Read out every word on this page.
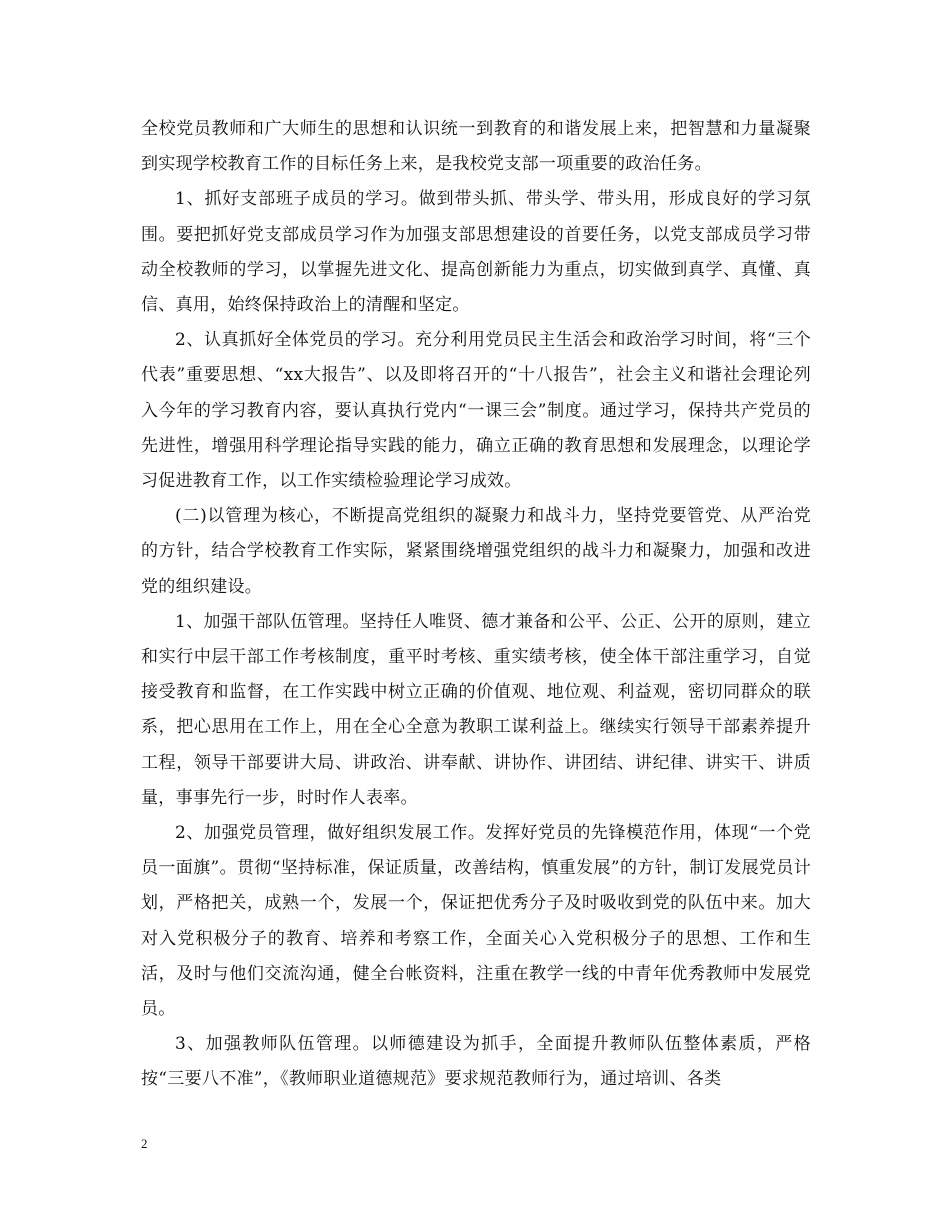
全校党员教师和广大师生的思想和认识统一到教育的和谐发展上来，把智慧和力量凝聚到实现学校教育工作的目标任务上来，是我校党支部一项重要的政治任务。

1、抓好支部班子成员的学习。做到带头抓、带头学、带头用，形成良好的学习氛围。要把抓好党支部成员学习作为加强支部思想建设的首要任务，以党支部成员学习带动全校教师的学习，以掌握先进文化、提高创新能力为重点，切实做到真学、真懂、真信、真用，始终保持政治上的清醒和坚定。

2、认真抓好全体党员的学习。充分利用党员民主生活会和政治学习时间，将“三个代表”重要思想、“xx大报告”、以及即将召开的“十八报告”，社会主义和谐社会理论列入今年的学习教育内容，要认真执行党内“一课三会”制度。通过学习，保持共产党员的先进性，增强用科学理论指导实践的能力，确立正确的教育思想和发展理念，以理论学习促进教育工作，以工作实绩检验理论学习成效。

(二)以管理为核心，不断提高党组织的凝聚力和战斗力，坚持党要管党、从严治党的方针，结合学校教育工作实际，紧紧围绕增强党组织的战斗力和凝聚力，加强和改进党的组织建设。

1、加强干部队伍管理。坚持任人唯贤、德才兼备和公平、公正、公开的原则，建立和实行中层干部工作考核制度，重平时考核、重实绩考核，使全体干部注重学习，自觉接受教育和监督，在工作实践中树立正确的价值观、地位观、利益观，密切同群众的联系，把心思用在工作上，用在全心全意为教职工谋利益上。继续实行领导干部素养提升工程，领导干部要讲大局、讲政治、讲奉献、讲协作、讲团结、讲纪律、讲实干、讲质量，事事先行一步，时时作人表率。

2、加强党员管理，做好组织发展工作。发挥好党员的先锋模范作用，体现“一个党员一面旗”。贯彻“坚持标准，保证质量，改善结构，慎重发展”的方针，制订发展党员计划，严格把关，成熟一个，发展一个，保证把优秀分子及时吸收到党的队伍中来。加大对入党积极分子的教育、培养和考察工作，全面关心入党积极分子的思想、工作和生活，及时与他们交流沟通，健全台帐资料，注重在教学一线的中青年优秀教师中发展党员。

3、加强教师队伍管理。以师德建设为抓手，全面提升教师队伍整体素质，严格按“三要八不准”，《教师职业道德规范》要求规范教师行为，通过培训、各类

2
